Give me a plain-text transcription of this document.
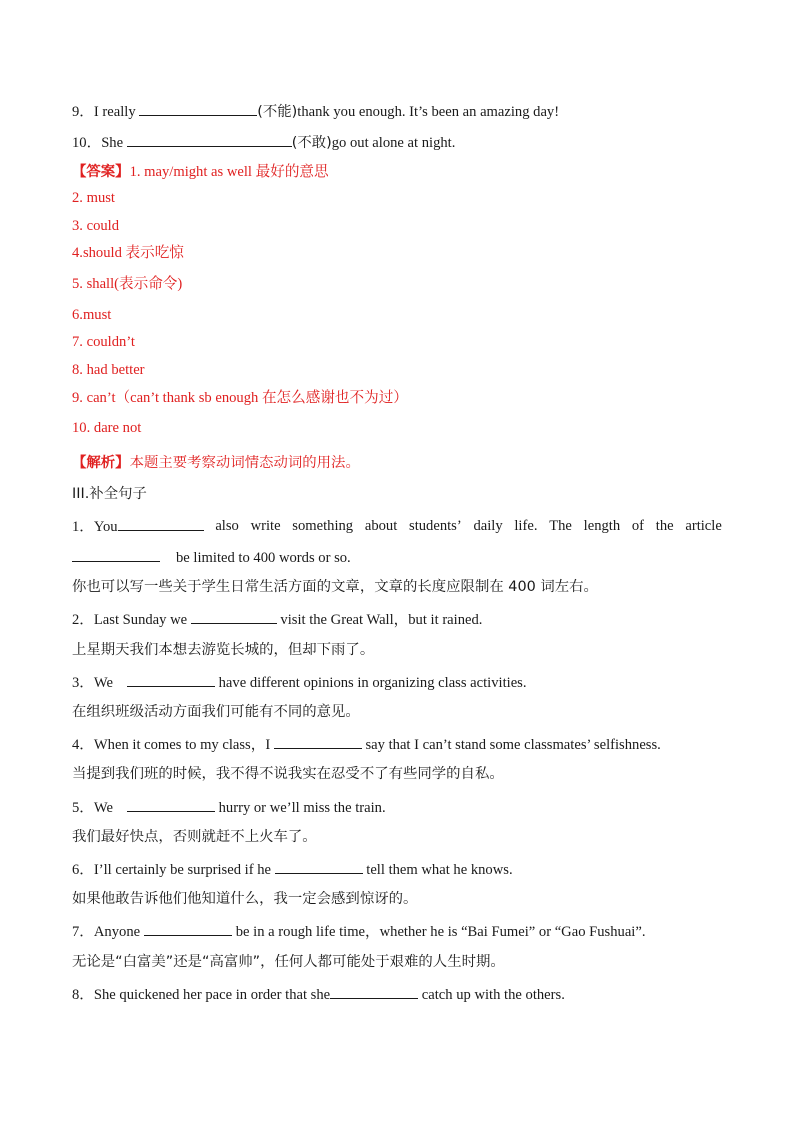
9．I really	(不能)thank you enough. It’s been an amazing day!
10．She	(不敢)go out alone at night.
【答案】1. may/might as well 最好的意思
2. must
3. could
4.should 表示吃惊
5. shall(表示命令)
6.must
7. couldn’t
8. had better
9. can’t（can’t thank sb enough 在怎么感谢也不为过）
10. dare not
【解析】本题主要考察动词情态动词的用法。
III.补全句子
1．You	also write something about students’ daily life. The length of the article
be limited to 400 words or so.
你也可以写一些关于学生日常生活方面的文章，文章的长度应限制在 400 词左右。
2．Last Sunday we	visit the Great Wall，but it rained.
上星期天我们本想去游览长城的，但却下雨了。
3．We	have different opinions in organizing class activities.
在组织班级活动方面我们可能有不同的意见。
4．When it comes to my class，I	say that I can’t stand some classmates’ selfishness.
当提到我们班的时候，我不得不说我实在忍受不了有些同学的自私。
5．We	hurry or we’ll miss the train.
我们最好快点，否则就赶不上火车了。
6．I’ll certainly be surprised if he	tell them what he knows.
如果他敢告诉他们他知道什么，我一定会感到惊讶的。
7．Anyone	be in a rough life time，whether he is “Bai Fumei” or “Gao Fushuai”.
无论是“白富美”还是“高富帅”，任何人都可能处于艰难的人生时期。
8．She quickened her pace in order that she	catch up with the others.
